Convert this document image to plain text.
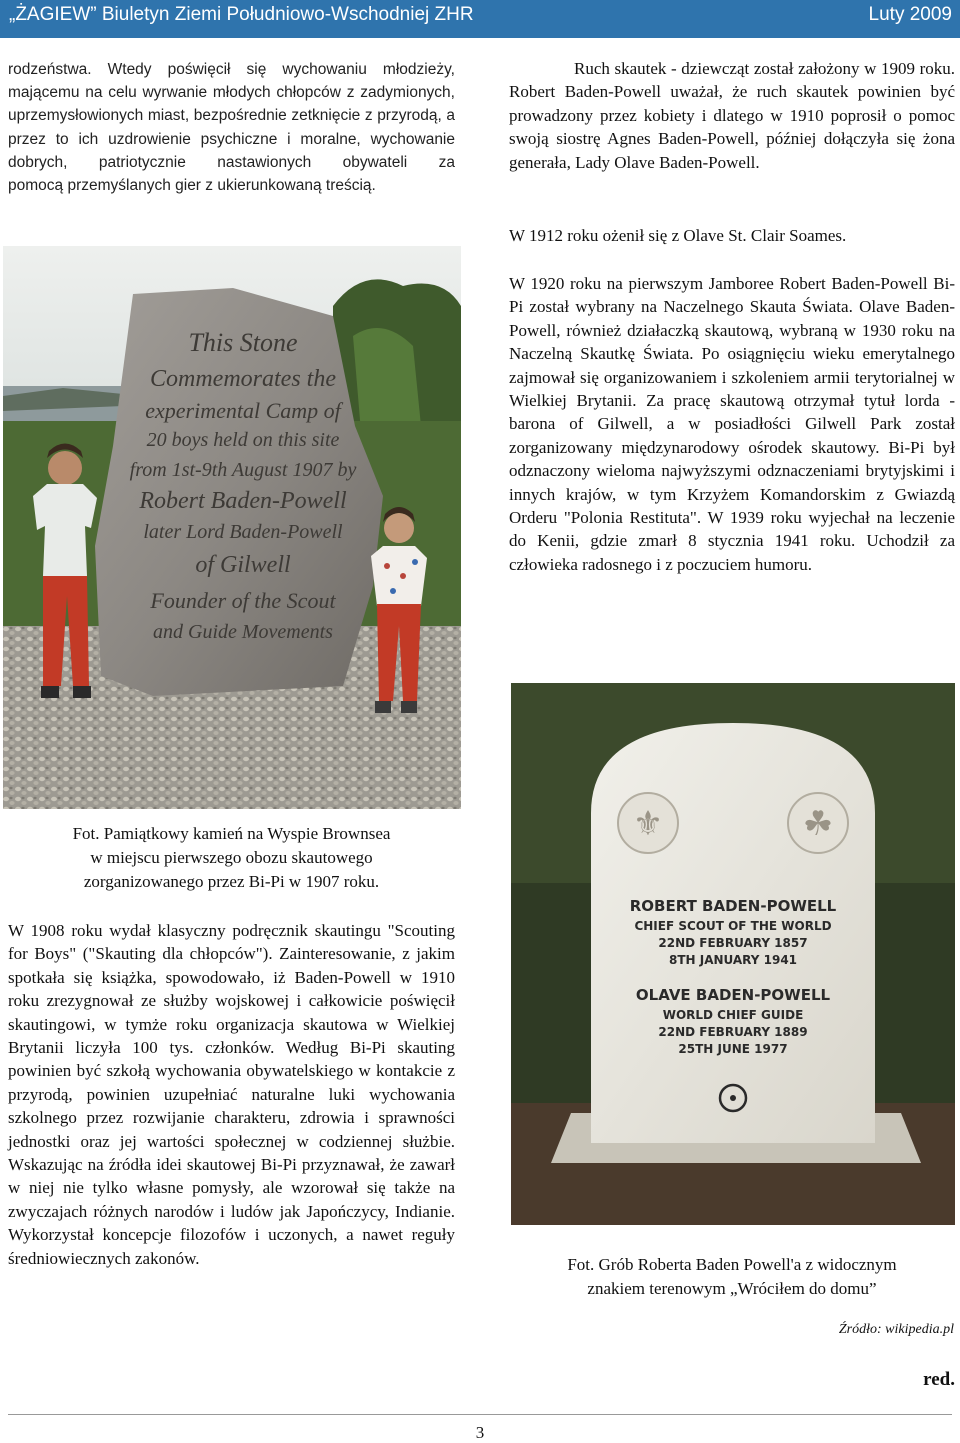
„ŻAGIEW” Biuletyn Ziemi Południowo-Wschodniej ZHR	Luty 2009
rodzeństwa. Wtedy poświęcił się wychowaniu młodzieży, mającemu na celu wyrwanie młodych chłopców z zadymionych, uprzemysłowionych miast, bezpośrednie zetknięcie z przyrodą, a przez to ich uzdrowienie psychiczne i moralne, wychowanie dobrych, patriotycznie nastawionych obywateli za
pomocą przemyślanych gier z ukierunkowaną treścią.
This Stone
Commemorates the
experimental Camp of
20 boys held on this site
from 1st-9th August 1907 by
Robert Baden-Powell
later Lord Baden-Powell
of Gilwell
Founder of the Scout
and Guide Movements
Fot. Pamiątkowy kamień na Wyspie Brownsea
w miejscu pierwszego obozu skautowego
zorganizowanego przez Bi-Pi w 1907 roku.
W 1908 roku wydał klasyczny podręcznik skautingu "Scouting for Boys" ("Skauting dla chłopców"). Zainteresowanie, z jakim spotkała się książka, spowodowało, iż Baden-Powell w 1910 roku zrezygnował ze służby wojskowej i całkowicie poświęcił skautingowi, w tymże roku organizacja skautowa w Wielkiej Brytanii liczyła 100 tys. członków. Według Bi-Pi skauting powinien być szkołą wychowania obywatelskiego w kontakcie z przyrodą, powinien uzupełniać naturalne luki wychowania szkolnego przez rozwijanie charakteru, zdrowia i sprawności jednostki oraz jej wartości społecznej w codziennej służbie. Wskazując na źródła idei skautowej Bi-Pi przyznawał, że zawarł w niej nie tylko własne pomysły, ale wzorował się także na zwyczajach różnych narodów i ludów jak Japończycy, Indianie. Wykorzystał koncepcje filozofów i uczonych, a nawet reguły średniowiecznych zakonów.
Ruch skautek - dziewcząt został założony w 1909 roku. Robert Baden-Powell uważał, że ruch skautek powinien być prowadzony przez kobiety i dlatego w 1910 poprosił o pomoc swoją siostrę Agnes Baden-Powell, później dołączyła się żona generała, Lady Olave Baden-Powell.
W 1912 roku ożenił się z Olave St. Clair Soames.
W 1920 roku na pierwszym Jamboree Robert Baden-Powell Bi-Pi został wybrany na Naczelnego Skauta Świata. Olave Baden-Powell, również działaczką skautową, wybraną w 1930 roku na Naczelną Skautkę Świata. Po osiągnięciu wieku emerytalnego zajmował się organizowaniem i szkoleniem armii terytorialnej w Wielkiej Brytanii. Za pracę skautową otrzymał tytuł lorda - barona of Gilwell, a w posiadłości Gilwell Park został zorganizowany międzynarodowy ośrodek skautowy. Bi-Pi był odznaczony wieloma najwyższymi odznaczeniami brytyjskimi i innych krajów, w tym Krzyżem Komandorskim z Gwiazdą Orderu "Polonia Restituta". W 1939 roku wyjechał na leczenie do Kenii, gdzie zmarł 8 stycznia 1941 roku. Uchodził za człowieka radosnego i z poczuciem humoru.
⚜	☘
ROBERT BADEN-POWELL
CHIEF SCOUT OF THE WORLD
22ND FEBRUARY 1857
8TH JANUARY 1941
OLAVE BADEN-POWELL
WORLD CHIEF GUIDE
22ND FEBRUARY 1889
25TH JUNE 1977
Fot. Grób Roberta Baden Powell'a z widocznym
znakiem terenowym „Wróciłem do domu”
Źródło: wikipedia.pl
red.
3
